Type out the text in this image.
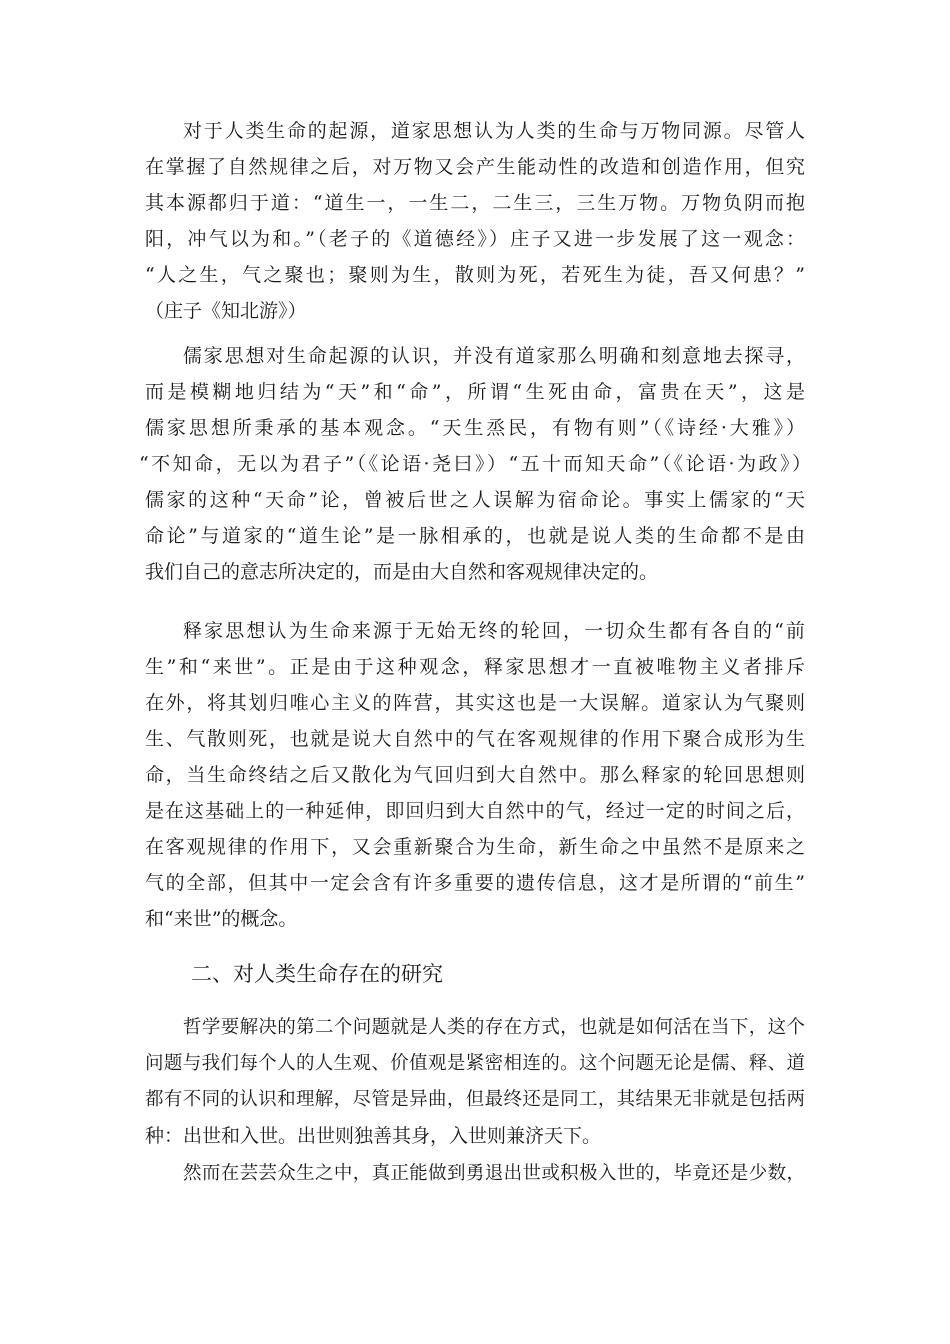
对于人类生命的起源，道家思想认为人类的生命与万物同源。尽管人
在掌握了自然规律之后，对万物又会产生能动性的改造和创造作用，但究
其本源都归于道：“道生一，一生二，二生三，三生万物。万物负阴而抱
阳，冲气以为和。”（老子的《道德经》）庄子又进一步发展了这一观念：
“人之生，气之聚也；聚则为生，散则为死，若死生为徒，吾又何患？”
（庄子《知北游》）
儒家思想对生命起源的认识，并没有道家那么明确和刻意地去探寻，
而是模糊地归结为“天”和“命”，所谓“生死由命，富贵在天”，这是
儒家思想所秉承的基本观念。“天生烝民，有物有则”（《诗经·大雅》）
“不知命，无以为君子”（《论语·尧曰》）“五十而知天命”（《论语·为政》）
儒家的这种“天命”论，曾被后世之人误解为宿命论。事实上儒家的“天
命论”与道家的“道生论”是一脉相承的，也就是说人类的生命都不是由
我们自己的意志所决定的，而是由大自然和客观规律决定的。
释家思想认为生命来源于无始无终的轮回，一切众生都有各自的“前
生”和“来世”。正是由于这种观念，释家思想才一直被唯物主义者排斥
在外，将其划归唯心主义的阵营，其实这也是一大误解。道家认为气聚则
生、气散则死，也就是说大自然中的气在客观规律的作用下聚合成形为生
命，当生命终结之后又散化为气回归到大自然中。那么释家的轮回思想则
是在这基础上的一种延伸，即回归到大自然中的气，经过一定的时间之后，
在客观规律的作用下，又会重新聚合为生命，新生命之中虽然不是原来之
气的全部，但其中一定会含有许多重要的遗传信息，这才是所谓的“前生”
和“来世”的概念。
二、对人类生命存在的研究
哲学要解决的第二个问题就是人类的存在方式，也就是如何活在当下，这个
问题与我们每个人的人生观、价值观是紧密相连的。这个问题无论是儒、释、道
都有不同的认识和理解，尽管是异曲，但最终还是同工，其结果无非就是包括两
种：出世和入世。出世则独善其身，入世则兼济天下。
然而在芸芸众生之中，真正能做到勇退出世或积极入世的，毕竟还是少数，
